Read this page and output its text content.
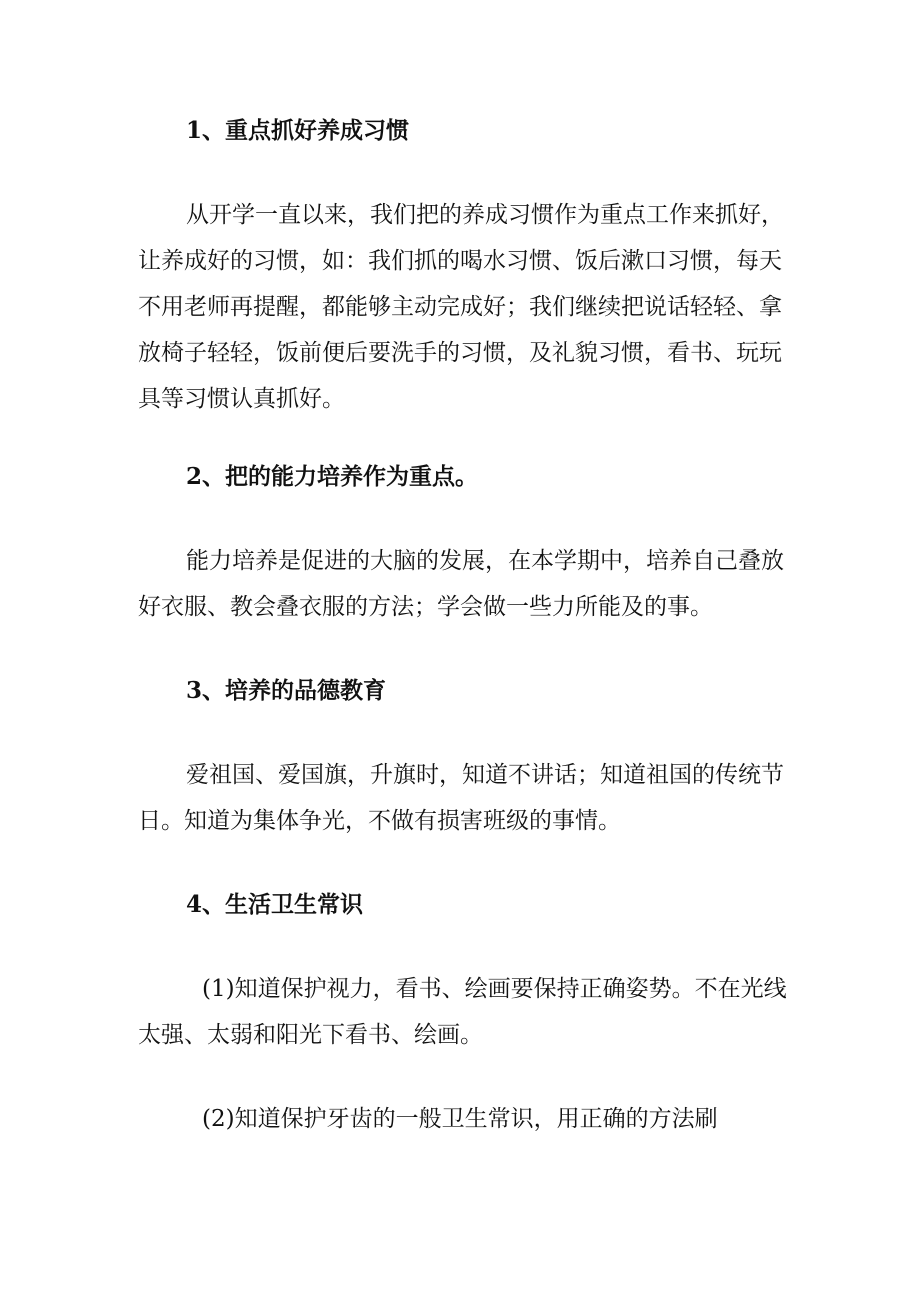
1、重点抓好养成习惯

从开学一直以来，我们把的养成习惯作为重点工作来抓好，让养成好的习惯，如：我们抓的喝水习惯、饭后漱口习惯，每天不用老师再提醒，都能够主动完成好；我们继续把说话轻轻、拿放椅子轻轻，饭前便后要洗手的习惯，及礼貌习惯，看书、玩玩具等习惯认真抓好。

2、把的能力培养作为重点。

能力培养是促进的大脑的发展，在本学期中，培养自己叠放好衣服、教会叠衣服的方法；学会做一些力所能及的事。

3、培养的品德教育

爱祖国、爱国旗，升旗时，知道不讲话；知道祖国的传统节日。知道为集体争光，不做有损害班级的事情。

4、生活卫生常识

(1)知道保护视力，看书、绘画要保持正确姿势。不在光线太强、太弱和阳光下看书、绘画。

(2)知道保护牙齿的一般卫生常识，用正确的方法刷
